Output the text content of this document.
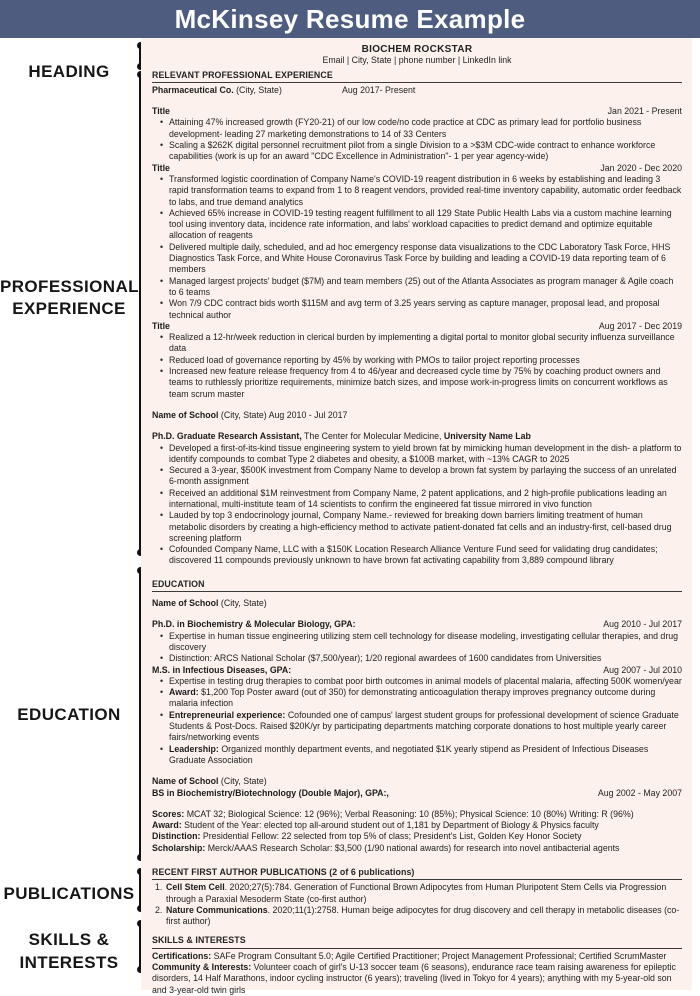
McKinsey Resume Example
HEADING
PROFESSIONAL
EXPERIENCE
EDUCATION
PUBLICATIONS
SKILLS &
INTERESTS
BIOCHEM ROCKSTAR
Email | City, State | phone number | LinkedIn link
RELEVANT PROFESSIONAL EXPERIENCE
Pharmaceutical Co. (City, State)	Aug 2017- Present
Title	Jan 2021 - Present
• Attaining 47% increased growth (FY20-21) of our low code/no code practice at CDC as primary lead for portfolio business development- leading 27 marketing demonstrations to 14 of 33 Centers
• Scaling a $262K digital personnel recruitment pilot from a single Division to a >$3M CDC-wide contract to enhance workforce capabilities (work is up for an award "CDC Excellence in Administration"- 1 per year agency-wide)
Title	Jan 2020 - Dec 2020
• Transformed logistic coordination of Company Name's COVID-19 reagent distribution in 6 weeks by establishing and leading 3 rapid transformation teams to expand from 1 to 8 reagent vendors, provided real-time inventory capability, automatic order feedback to labs, and true demand analytics
• Achieved 65% increase in COVID-19 testing reagent fulfillment to all 129 State Public Health Labs via a custom machine learning tool using inventory data, incidence rate information, and labs' workload capacities to predict demand and optimize equitable allocation of reagents
• Delivered multiple daily, scheduled, and ad hoc emergency response data visualizations to the CDC Laboratory Task Force, HHS Diagnostics Task Force, and White House Coronavirus Task Force by building and leading a COVID-19 data reporting team of 6 members
• Managed largest projects' budget ($7M) and team members (25) out of the Atlanta Associates as program manager & Agile coach to 6 teams
• Won 7/9 CDC contract bids worth $115M and avg term of 3.25 years serving as capture manager, proposal lead, and proposal technical author
Title	Aug 2017 - Dec 2019
• Realized a 12-hr/week reduction in clerical burden by implementing a digital portal to monitor global security influenza surveillance data
• Reduced load of governance reporting by 45% by working with PMOs to tailor project reporting processes
• Increased new feature release frequency from 4 to 46/year and decreased cycle time by 75% by coaching product owners and teams to ruthlessly prioritize requirements, minimize batch sizes, and impose work-in-progress limits on concurrent workflows as team scrum master
Name of School (City, State) Aug 2010 - Jul 2017
Ph.D. Graduate Research Assistant, The Center for Molecular Medicine, University Name Lab
• Developed a first-of-its-kind tissue engineering system to yield brown fat by mimicking human development in the dish- a platform to identify compounds to combat Type 2 diabetes and obesity, a $100B market, with ~13% CAGR to 2025
• Secured a 3-year, $500K investment from Company Name to develop a brown fat system by parlaying the success of an unrelated 6-month assignment
• Received an additional $1M reinvestment from Company Name, 2 patent applications, and 2 high-profile publications leading an international, multi-institute team of 14 scientists to confirm the engineered fat tissue mirrored in vivo function
• Lauded by top 3 endocrinology journal, Company Name.- reviewed for breaking down barriers limiting treatment of human metabolic disorders by creating a high-efficiency method to activate patient-donated fat cells and an industry-first, cell-based drug screening platform
• Cofounded Company Name, LLC with a $150K Location Research Alliance Venture Fund seed for validating drug candidates; discovered 11 compounds previously unknown to have brown fat activating capability from 3,889 compound library
EDUCATION
Name of School (City, State)
Ph.D. in Biochemistry & Molecular Biology, GPA:	Aug 2010 - Jul 2017
• Expertise in human tissue engineering utilizing stem cell technology for disease modeling, investigating cellular therapies, and drug discovery
• Distinction: ARCS National Scholar ($7,500/year); 1/20 regional awardees of 1600 candidates from Universities
M.S. in Infectious Diseases, GPA:	Aug 2007 - Jul 2010
• Expertise in testing drug therapies to combat poor birth outcomes in animal models of placental malaria, affecting 500K women/year
• Award: $1,200 Top Poster award (out of 350) for demonstrating anticoagulation therapy improves pregnancy outcome during malaria infection
• Entrepreneurial experience: Cofounded one of campus' largest student groups for professional development of science Graduate Students & Post-Docs. Raised $20K/yr by participating departments matching corporate donations to host multiple yearly career fairs/networking events
• Leadership: Organized monthly department events, and negotiated $1K yearly stipend as President of Infectious Diseases Graduate Association
Name of School (City, State)
BS in Biochemistry/Biotechnology (Double Major), GPA:,	Aug 2002 - May 2007
Scores: MCAT 32; Biological Science: 12 (96%); Verbal Reasoning: 10 (85%); Physical Science: 10 (80%) Writing: R (96%)
Award: Student of the Year: elected top all-around student out of 1,181 by Department of Biology & Physics faculty
Distinction: Presidential Fellow: 22 selected from top 5% of class; President's List, Golden Key Honor Society
Scholarship: Merck/AAAS Research Scholar: $3,500 (1/90 national awards) for research into novel antibacterial agents
RECENT FIRST AUTHOR PUBLICATIONS (2 of 6 publications)
Cell Stem Cell. 2020;27(5):784. Generation of Functional Brown Adipocytes from Human Pluripotent Stem Cells via Progression through a Paraxial Mesoderm State (co-first author)
Nature Communications. 2020;11(1):2758. Human beige adipocytes for drug discovery and cell therapy in metabolic diseases (co-first author)
SKILLS & INTERESTS
Certifications: SAFe Program Consultant 5.0; Agile Certified Practitioner; Project Management Professional; Certified ScrumMaster
Community & Interests: Volunteer coach of girl's U-13 soccer team (6 seasons), endurance race team raising awareness for epileptic disorders, 14 Half Marathons, indoor cycling instructor (6 years); traveling (lived in Tokyo for 4 years); anything with my 5-year-old son and 3-year-old twin girls
